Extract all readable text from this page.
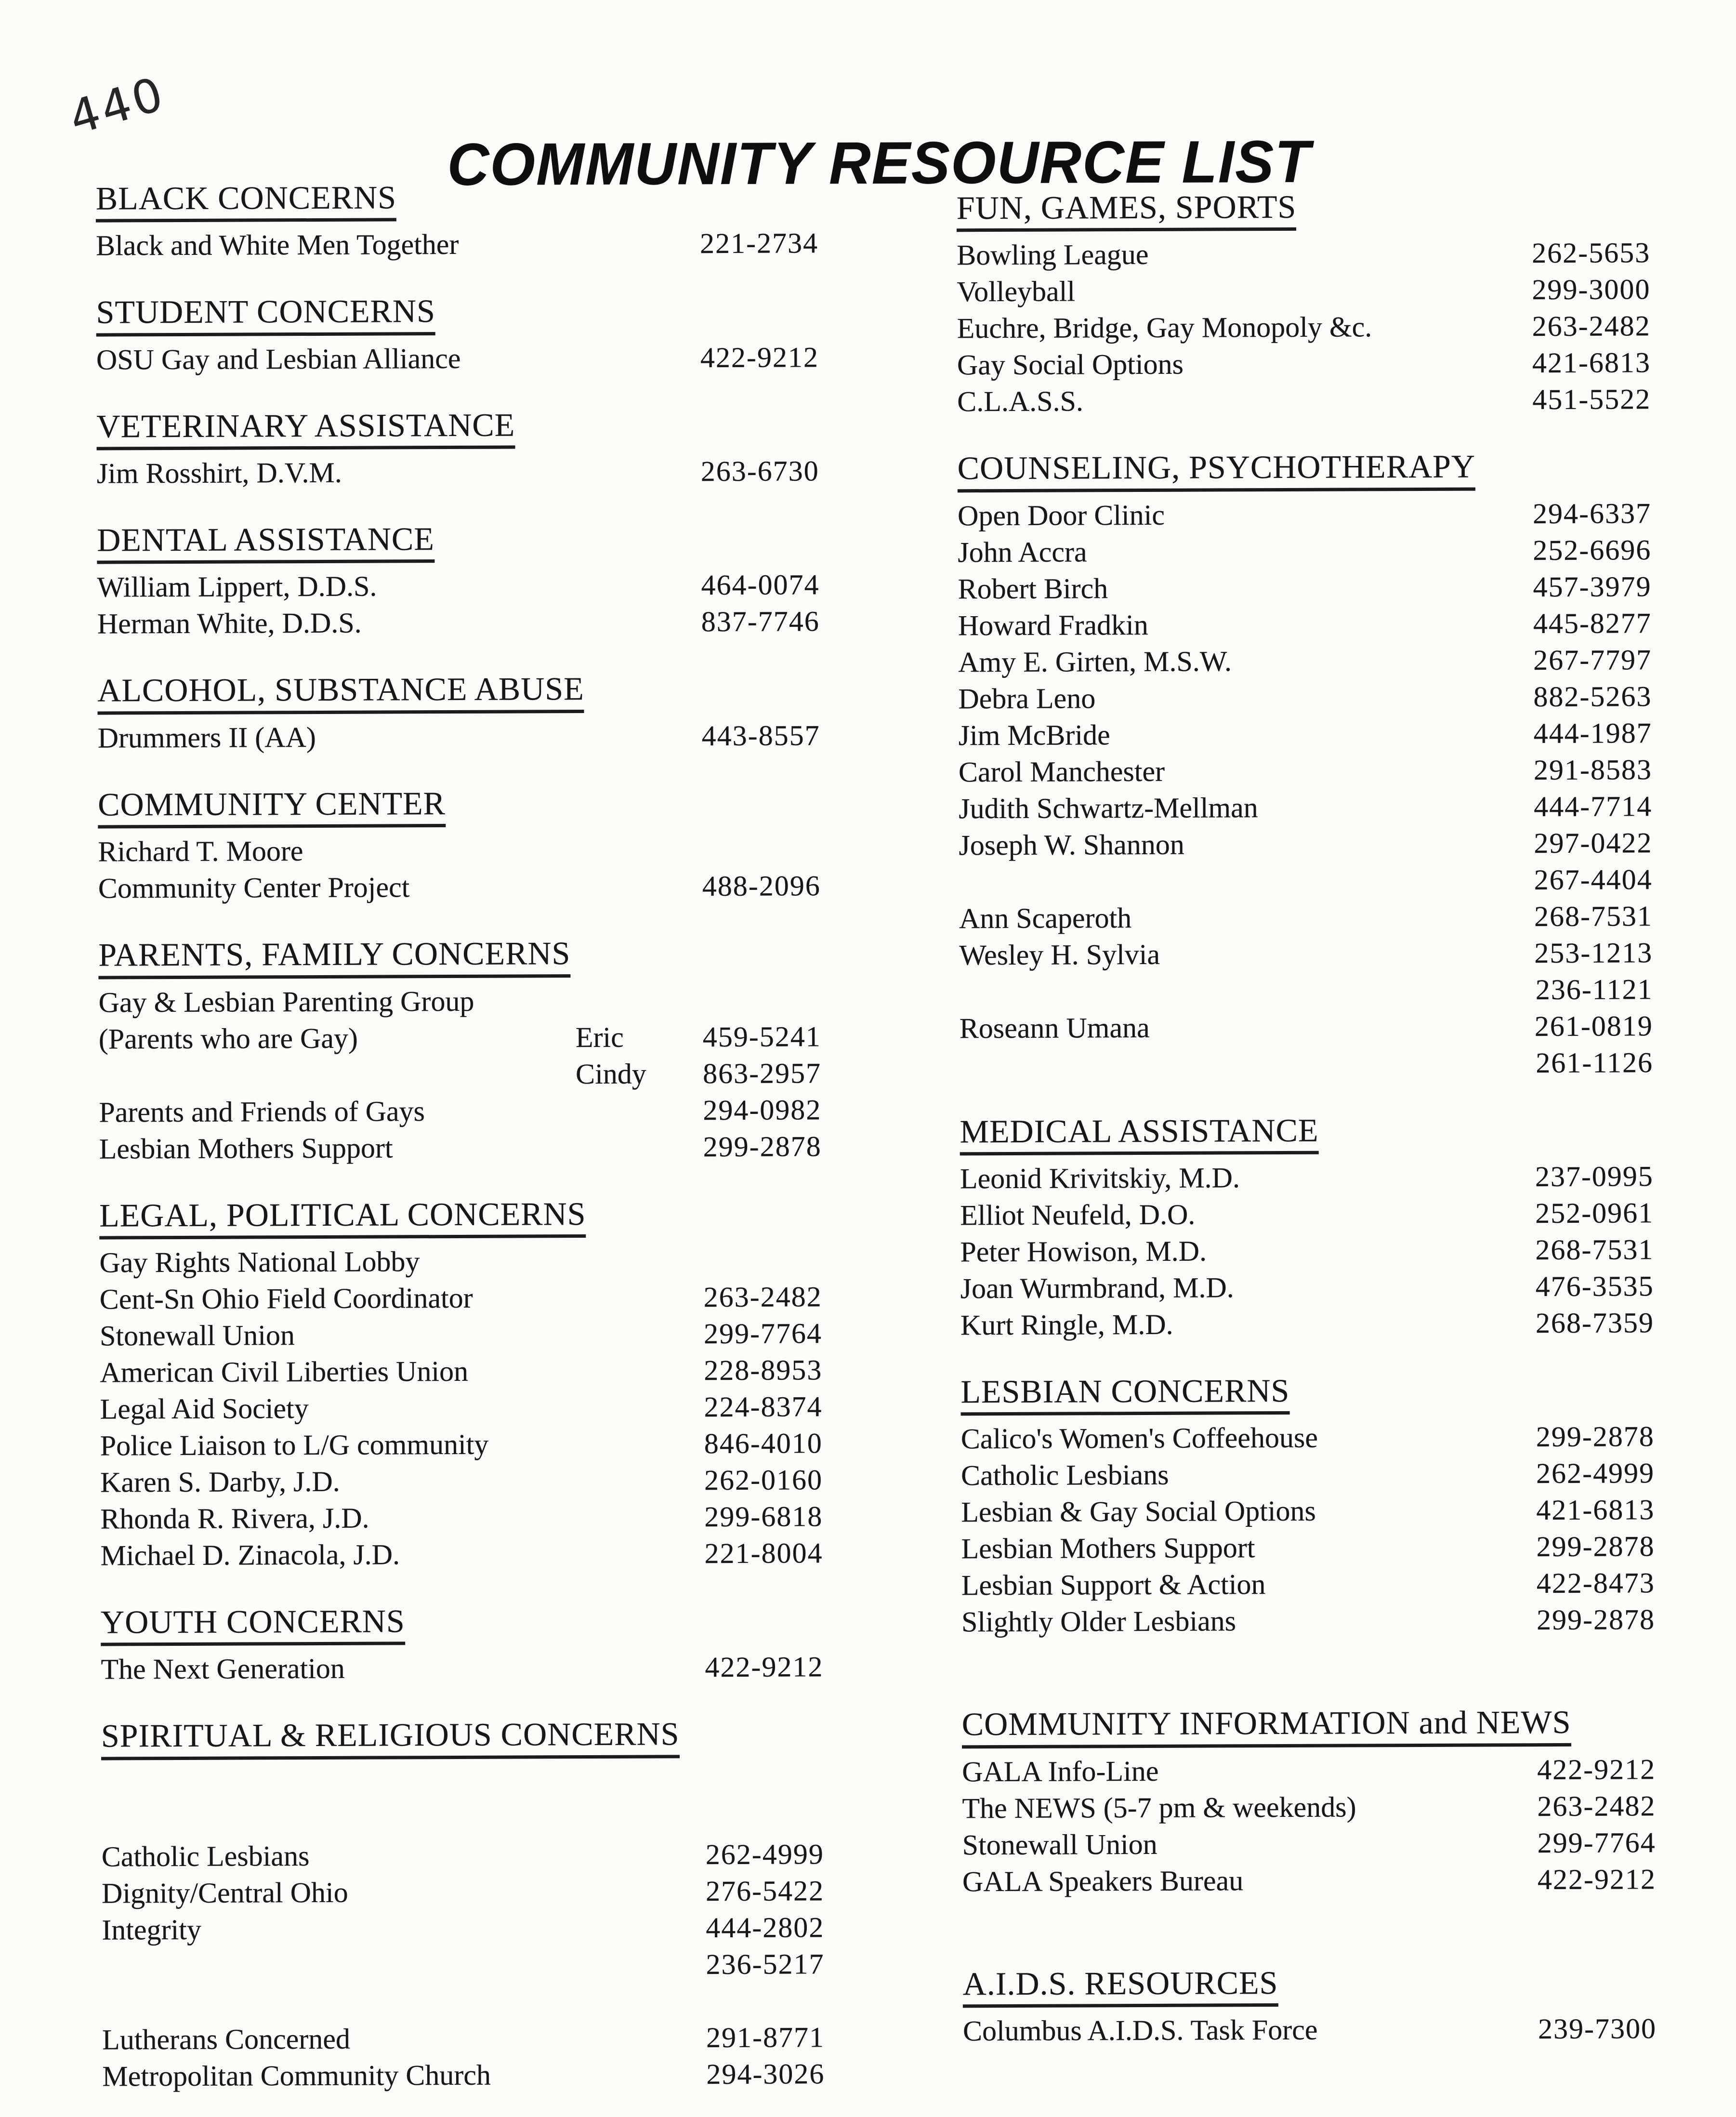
440
COMMUNITY RESOURCE LIST
BLACK CONCERNS
Black and White Men Together	221-2734
STUDENT CONCERNS
OSU Gay and Lesbian Alliance	422-9212
VETERINARY ASSISTANCE
Jim Rosshirt, D.V.M.	263-6730
DENTAL ASSISTANCE
William Lippert, D.D.S.	464-0074
Herman White, D.D.S.	837-7746
ALCOHOL, SUBSTANCE ABUSE
Drummers II (AA)	443-8557
COMMUNITY CENTER
Richard T. Moore
Community Center Project	488-2096
PARENTS, FAMILY CONCERNS
Gay & Lesbian Parenting Group
(Parents who are Gay)	Eric	459-5241
Cindy	863-2957
Parents and Friends of Gays	294-0982
Lesbian Mothers Support	299-2878
LEGAL, POLITICAL CONCERNS
Gay Rights National Lobby
Cent-Sn Ohio Field Coordinator	263-2482
Stonewall Union	299-7764
American Civil Liberties Union	228-8953
Legal Aid Society	224-8374
Police Liaison to L/G community	846-4010
Karen S. Darby, J.D.	262-0160
Rhonda R. Rivera, J.D.	299-6818
Michael D. Zinacola, J.D.	221-8004
YOUTH CONCERNS
The Next Generation	422-9212
SPIRITUAL & RELIGIOUS CONCERNS
Catholic Lesbians	262-4999
Dignity/Central Ohio	276-5422
Integrity	444-2802
236-5217
Lutherans Concerned	291-8771
Metropolitan Community Church	294-3026
FUN, GAMES, SPORTS
Bowling League	262-5653
Volleyball	299-3000
Euchre, Bridge, Gay Monopoly &c.	263-2482
Gay Social Options	421-6813
C.L.A.S.S.	451-5522
COUNSELING, PSYCHOTHERAPY
Open Door Clinic	294-6337
John Accra	252-6696
Robert Birch	457-3979
Howard Fradkin	445-8277
Amy E. Girten, M.S.W.	267-7797
Debra Leno	882-5263
Jim McBride	444-1987
Carol Manchester	291-8583
Judith Schwartz-Mellman	444-7714
Joseph W. Shannon	297-0422
267-4404
Ann Scaperoth	268-7531
Wesley H. Sylvia	253-1213
236-1121
Roseann Umana	261-0819
261-1126
MEDICAL ASSISTANCE
Leonid Krivitskiy, M.D.	237-0995
Elliot Neufeld, D.O.	252-0961
Peter Howison, M.D.	268-7531
Joan Wurmbrand, M.D.	476-3535
Kurt Ringle, M.D.	268-7359
LESBIAN CONCERNS
Calico's Women's Coffeehouse	299-2878
Catholic Lesbians	262-4999
Lesbian & Gay Social Options	421-6813
Lesbian Mothers Support	299-2878
Lesbian Support & Action	422-8473
Slightly Older Lesbians	299-2878
COMMUNITY INFORMATION and NEWS
GALA Info-Line	422-9212
The NEWS (5-7 pm & weekends)	263-2482
Stonewall Union	299-7764
GALA Speakers Bureau	422-9212
A.I.D.S. RESOURCES
Columbus A.I.D.S. Task Force	239-7300
